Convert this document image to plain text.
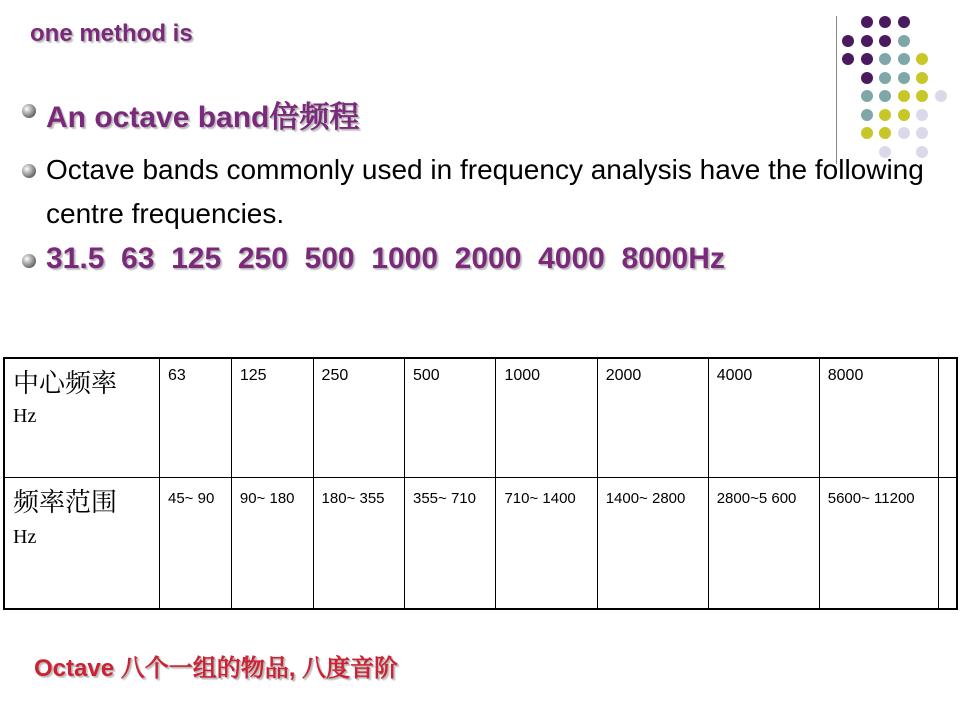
one method is
An octave band倍频程
Octave bands commonly used in frequency analysis have the following centre frequencies.
31.5  63  125  250  500  1000  2000  4000  8000Hz
中心频率
Hz	63	125	250	500	1000	2000	4000	8000	
频率范围
Hz	45~ 90	90~ 180	180~ 355	355~ 710	710~ 1400	1400~ 2800	2800~5 600	5600~ 11200	
Octave 八个一组的物品, 八度音阶
